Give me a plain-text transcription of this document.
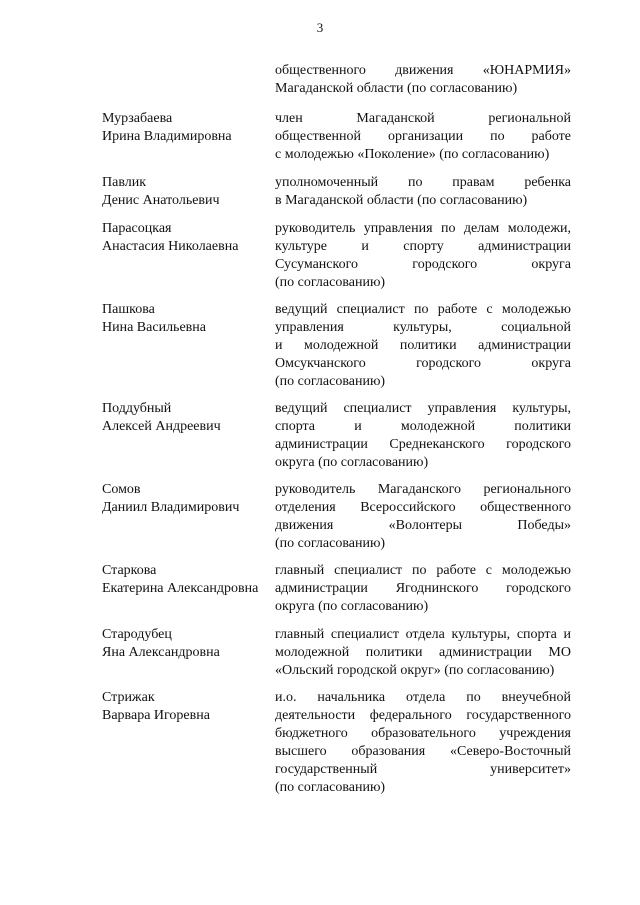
3
общественного движения «ЮНАРМИЯ»
Магаданской области (по согласованию)
Мурзабаева
Ирина Владимировна
член Магаданской региональной
общественной организации по работе
с молодежью «Поколение» (по согласованию)
Павлик
Денис Анатольевич
уполномоченный по правам ребенка
в Магаданской области (по согласованию)
Парасоцкая
Анастасия Николаевна
руководитель управления по делам молодежи,
культуре и спорту администрации
Сусуманского городского округа
(по согласованию)
Пашкова
Нина Васильевна
ведущий специалист по работе с молодежью
управления культуры, социальной
и молодежной политики администрации
Омсукчанского городского округа
(по согласованию)
Поддубный
Алексей Андреевич
ведущий специалист управления культуры,
спорта и молодежной политики
администрации Среднеканского городского
округа (по согласованию)
Сомов
Даниил Владимирович
руководитель Магаданского регионального
отделения Всероссийского общественного
движения «Волонтеры Победы»
(по согласованию)
Старкова
Екатерина Александровна
главный специалист по работе с молодежью
администрации Ягоднинского городского
округа (по согласованию)
Стародубец
Яна Александровна
главный специалист отдела культуры, спорта и
молодежной политики администрации МО
«Ольский городской округ» (по согласованию)
Стрижак
Варвара Игоревна
и.о. начальника отдела по внеучебной
деятельности федерального государственного
бюджетного образовательного учреждения
высшего образования «Северо-Восточный
государственный университет»
(по согласованию)
